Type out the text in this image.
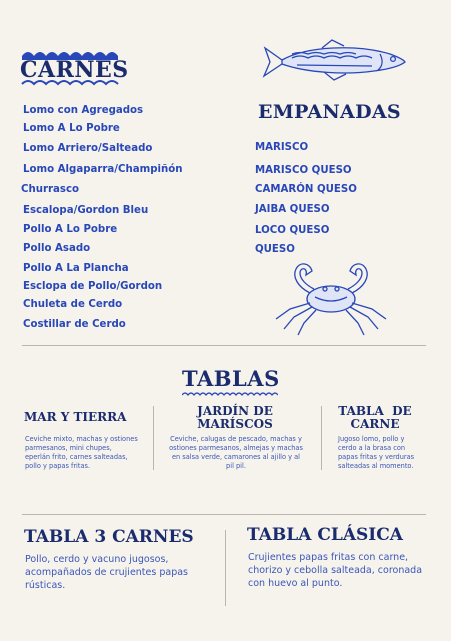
CARNES
Lomo con Agregados
Lomo A Lo Pobre
Lomo Arriero/Salteado
Lomo Algaparra/Champiñón
Churrasco
Escalopa/Gordon Bleu
Pollo A Lo Pobre
Pollo Asado
Pollo A La Plancha
Esclopa de Pollo/Gordon
Chuleta de Cerdo
Costillar de Cerdo
EMPANADAS
MARISCO
MARISCO QUESO
CAMARÓN QUESO
JAIBA QUESO
LOCO QUESO
QUESO
TABLAS
MAR Y TIERRA
Ceviche mixto, machas y ostiones
parmesanos, mini chupes,
eperlán frito, carnes salteadas,
pollo y papas fritas.
JARDÍN DE
MARÍSCOS
Ceviche, calugas de pescado, machas y
ostiones parmesanos, almejas y machas
en salsa verde, camarones al ajillo y al
pil pil.
TABLA  DE
CARNE
Jugoso lomo, pollo y
cerdo a la brasa con
papas fritas y verduras
salteadas al momento.
TABLA 3 CARNES
Pollo, cerdo y vacuno jugosos,
acompañados de crujientes papas rústicas.
TABLA CLÁSICA
Crujientes papas fritas con carne,
chorizo y cebolla salteada, coronada
con huevo al punto.
